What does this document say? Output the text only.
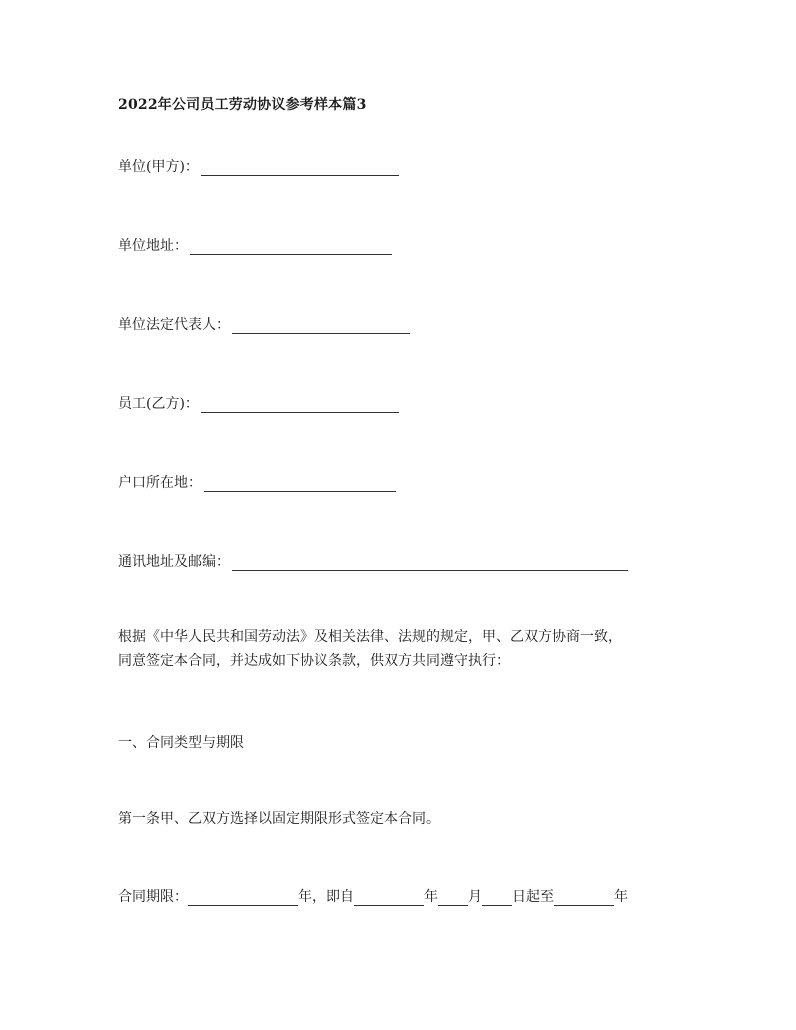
2022年公司员工劳动协议参考样本篇3
单位(甲方)：
单位地址：
单位法定代表人：
员工(乙方)：
户口所在地：
通讯地址及邮编：

根据《中华人民共和国劳动法》及相关法律、法规的规定，甲、乙双方协商一致，

同意签定本合同，并达成如下协议条款，供双方共同遵守执行：

一、合同类型与期限
第一条甲、乙双方选择以固定期限形式签定本合同。
合同期限：	年，即自	年 月 日起至	年
